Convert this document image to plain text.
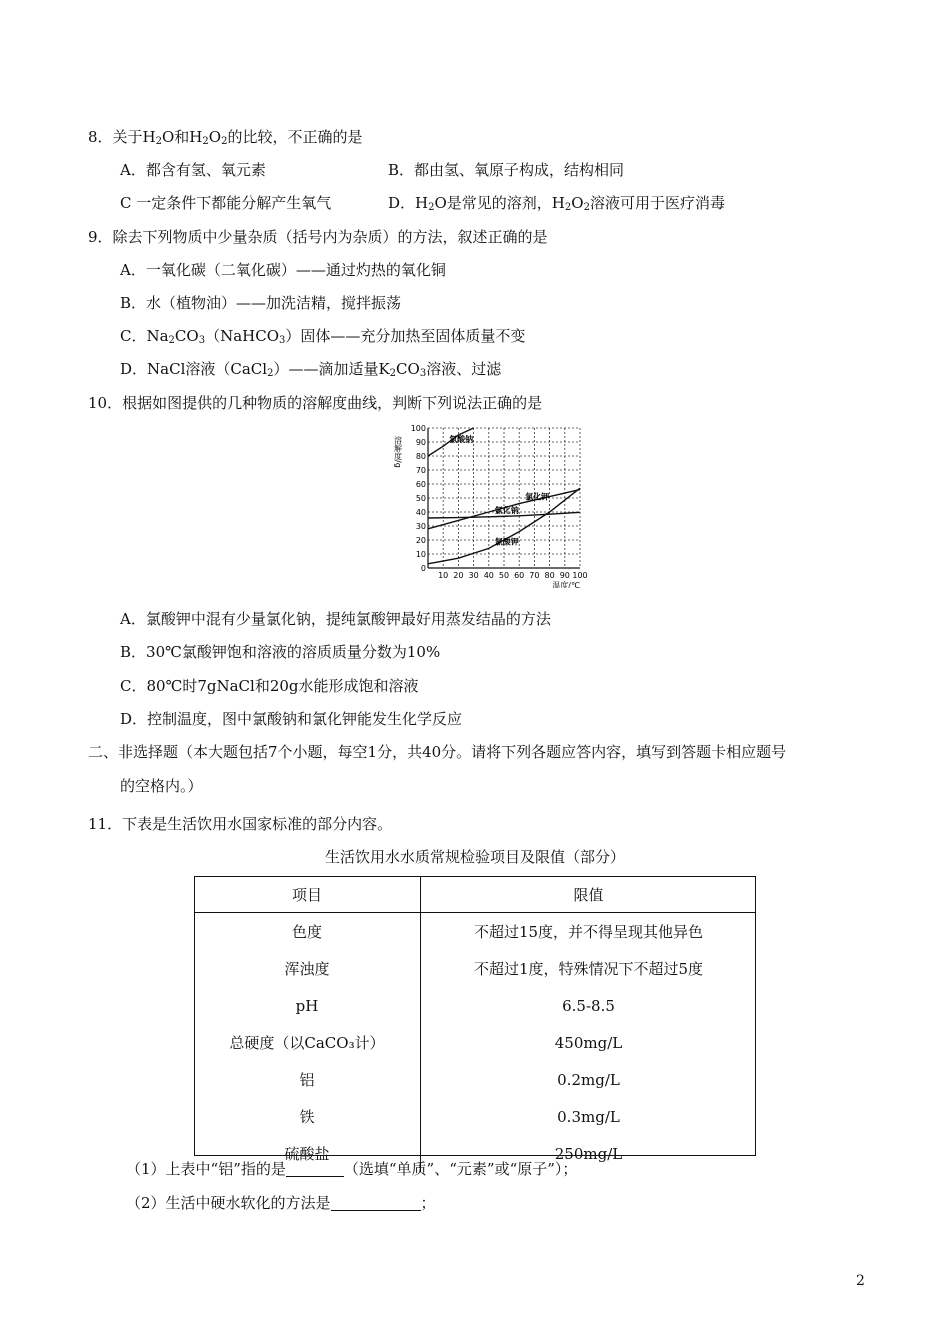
8．关于$H_2O$和$H_2O_2$的比较，不正确的是
A．都含有氢、氧元素	B．都由氢、氧原子构成，结构相同
C 一定条件下都能分解产生氧气	D．$H_2O$是常见的溶剂，$H_2O_2$溶液可用于医疗消毒
9．除去下列物质中少量杂质（括号内为杂质）的方法，叙述正确的是
A．一氧化碳（二氧化碳）——通过灼热的氧化铜
B．水（植物油）——加洗洁精，搅拌振荡
C．$Na_2CO_3(NaHCO_3)$固体——充分加热至固体质量不变
D．NaCl溶液（CaCl$_2$）——滴加适量$K_2CO_3$溶液、过滤
10．根据如图提供的几种物质的溶解度曲线，判断下列说法正确的是
0
10
20
30
40
50
60
70
80
90
100
10 20 30 40 50 60 70 80 90 100
溶解度/g
温度/℃
氯酸钠
氯化钾
氯化钠
氯酸钾
A．氯酸钾中混有少量氯化钠，提纯氯酸钾最好用蒸发结晶的方法
B．30℃氯酸钾饱和溶液的溶质质量分数为10%
C．80℃时7gNaCl和20g水能形成饱和溶液
D．控制温度，图中氯酸钠和氯化钾能发生化学反应
二、非选择题（本大题包括7个小题，每空1分，共40分。请将下列各题应答内容，填写到答题卡相应题号
的空格内。）
11．下表是生活饮用水国家标准的部分内容。
生活饮用水水质常规检验项目及限值（部分）
项目	限值
色度	不超过15度，并不得呈现其他异色
浑浊度	不超过1度，特殊情况下不超过5度
pH	6.5-8.5
总硬度（以CaCO₃计）	450mg/L
铝	0.2mg/L
铁	0.3mg/L
硫酸盐	250mg/L
（1）上表中“铝”指的是	（选填“单质”、“元素”或“原子”）；
（2）生活中硬水软化的方法是	；
2
